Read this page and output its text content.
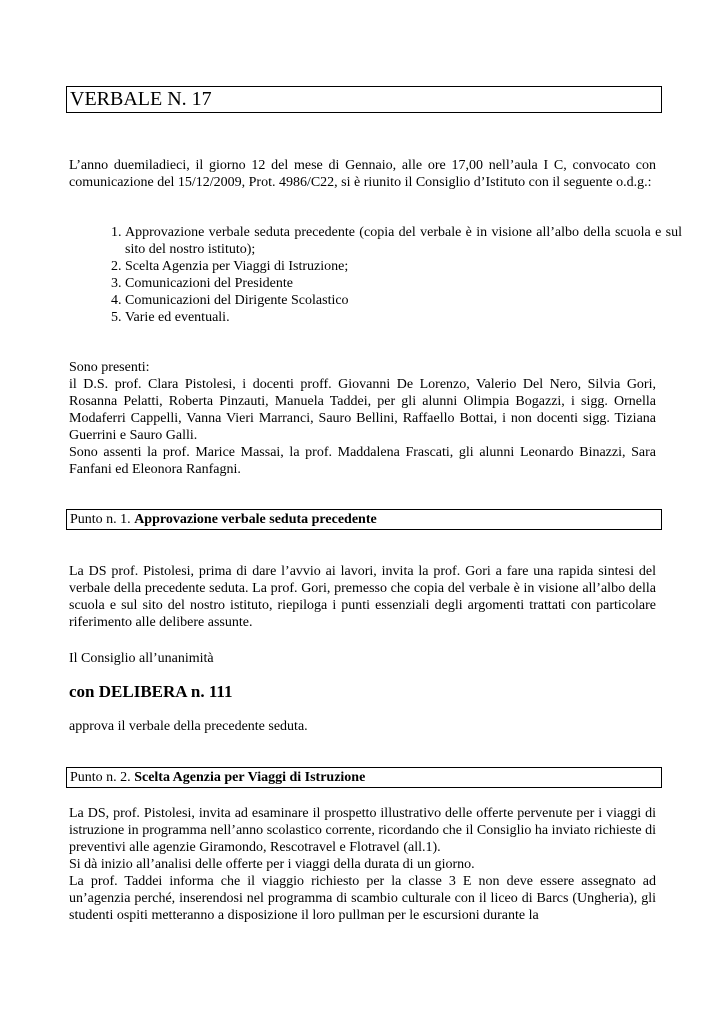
VERBALE N. 17

L’anno duemiladieci, il giorno 12 del mese di Gennaio, alle ore 17,00 nell’aula I C, convocato con comunicazione del 15/12/2009, Prot. 4986/C22, si è riunito il Consiglio d’Istituto con il seguente o.d.g.:

1. Approvazione verbale seduta precedente (copia del verbale è in visione all’albo della scuola e sul sito del nostro istituto);
2. Scelta Agenzia per Viaggi di Istruzione;
3. Comunicazioni del Presidente
4. Comunicazioni del Dirigente Scolastico
5. Varie ed eventuali.

Sono presenti:

il D.S. prof. Clara Pistolesi, i docenti proff. Giovanni De Lorenzo, Valerio Del Nero, Silvia Gori, Rosanna Pelatti, Roberta Pinzauti, Manuela Taddei, per gli alunni Olimpia Bogazzi, i sigg. Ornella Modaferri Cappelli, Vanna Vieri Marranci, Sauro Bellini, Raffaello Bottai, i non docenti sigg. Tiziana Guerrini e Sauro Galli.

Sono assenti la prof. Marice Massai, la prof. Maddalena Frascati, gli alunni Leonardo Binazzi, Sara Fanfani ed Eleonora Ranfagni.

Punto n. 1. Approvazione verbale seduta precedente

La DS prof. Pistolesi, prima di dare l’avvio ai lavori, invita la prof. Gori a fare una rapida sintesi del verbale della precedente seduta. La prof. Gori, premesso che copia del verbale è in visione all’albo della scuola e sul sito del nostro istituto, riepiloga i punti essenziali degli argomenti trattati con particolare riferimento alle delibere assunte.

Il Consiglio all’unanimità

con DELIBERA n. 111

approva il verbale della precedente seduta.

Punto n. 2. Scelta Agenzia per Viaggi di Istruzione

La DS, prof. Pistolesi, invita ad esaminare il prospetto illustrativo delle offerte pervenute per i viaggi di istruzione in programma nell’anno scolastico corrente, ricordando che il Consiglio ha inviato richieste di preventivi alle agenzie Giramondo, Rescotravel e Flotravel (all.1).

Si dà inizio all’analisi delle offerte per i viaggi della durata di un giorno.

La prof. Taddei informa che il viaggio richiesto per la classe 3 E non deve essere assegnato ad un’agenzia perché, inserendosi nel programma di scambio culturale con il liceo di Barcs (Ungheria), gli studenti ospiti metteranno a disposizione il loro pullman per le escursioni durante la
